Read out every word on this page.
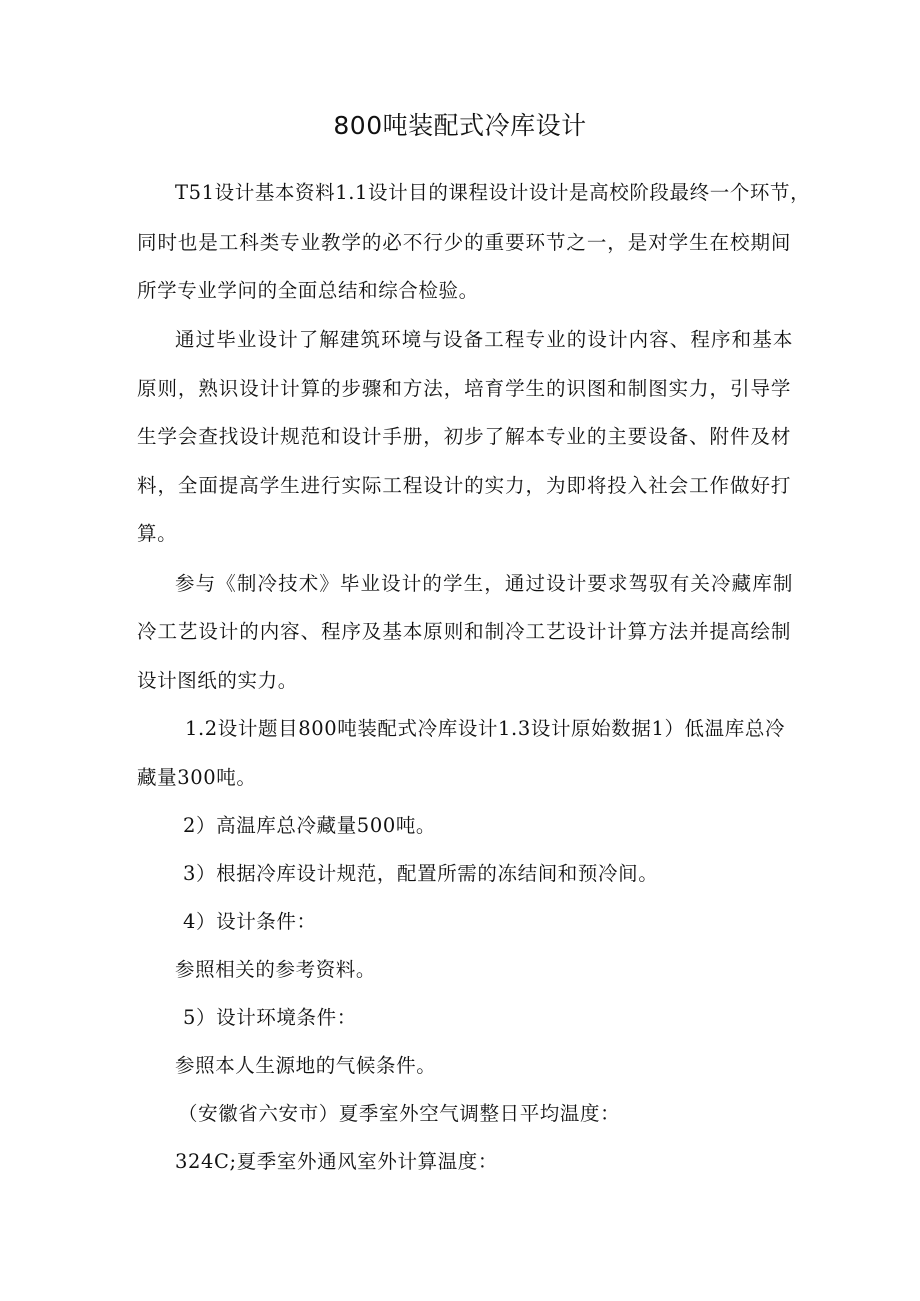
800吨装配式冷库设计
T51设计基本资料1.1设计目的课程设计设计是高校阶段最终一个环节，
同时也是工科类专业教学的必不行少的重要环节之一，是对学生在校期间
所学专业学问的全面总结和综合检验。
通过毕业设计了解建筑环境与设备工程专业的设计内容、程序和基本
原则，熟识设计计算的步骤和方法，培育学生的识图和制图实力，引导学
生学会查找设计规范和设计手册，初步了解本专业的主要设备、附件及材
料，全面提高学生进行实际工程设计的实力，为即将投入社会工作做好打
算。
参与《制冷技术》毕业设计的学生，通过设计要求驾驭有关冷藏库制
冷工艺设计的内容、程序及基本原则和制冷工艺设计计算方法并提高绘制
设计图纸的实力。
1.2设计题目800吨装配式冷库设计1.3设计原始数据1）低温库总冷
藏量300吨。
2）高温库总冷藏量500吨。
3）根据冷库设计规范，配置所需的冻结间和预冷间。
4）设计条件：
参照相关的参考资料。
5）设计环境条件：
参照本人生源地的气候条件。
（安徽省六安市）夏季室外空气调整日平均温度：
324C;夏季室外通风室外计算温度：
